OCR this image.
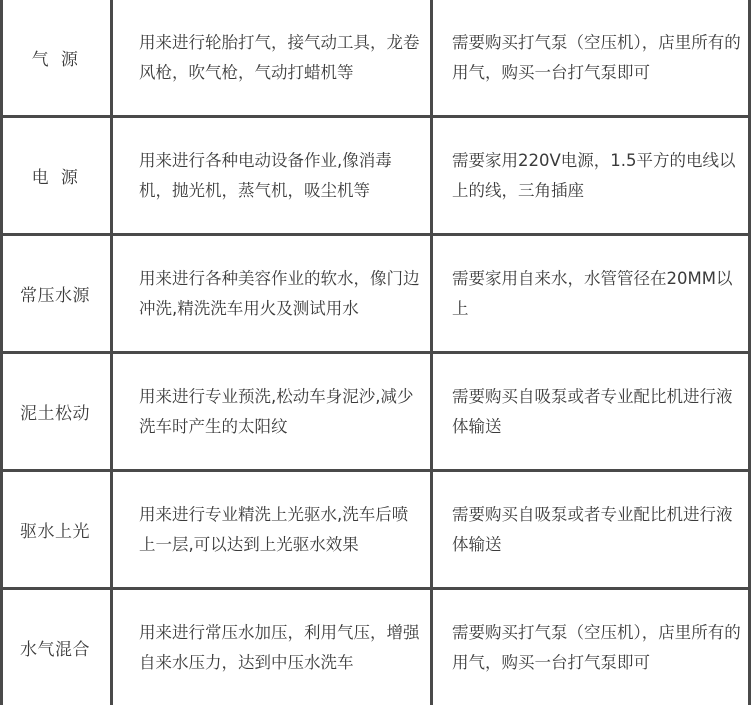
气  源
用来进行轮胎打气，接气动工具，龙卷风枪，吹气枪，气动打蜡机等
需要购买打气泵（空压机），店里所有的用气，购买一台打气泵即可
电  源
用来进行各种电动设备作业,像消毒机，抛光机，蒸气机，吸尘机等
需要家用220V电源，1.5平方的电线以上的线，三角插座
常压水源
用来进行各种美容作业的软水，像门边冲洗,精洗洗车用火及测试用水
需要家用自来水，水管管径在20MM以上
泥土松动
用来进行专业预洗,松动车身泥沙,减少洗车时产生的太阳纹
需要购买自吸泵或者专业配比机进行液体输送
驱水上光
用来进行专业精洗上光驱水,洗车后喷上一层,可以达到上光驱水效果
需要购买自吸泵或者专业配比机进行液体输送
水气混合
用来进行常压水加压，利用气压，增强自来水压力，达到中压水洗车
需要购买打气泵（空压机），店里所有的用气，购买一台打气泵即可
